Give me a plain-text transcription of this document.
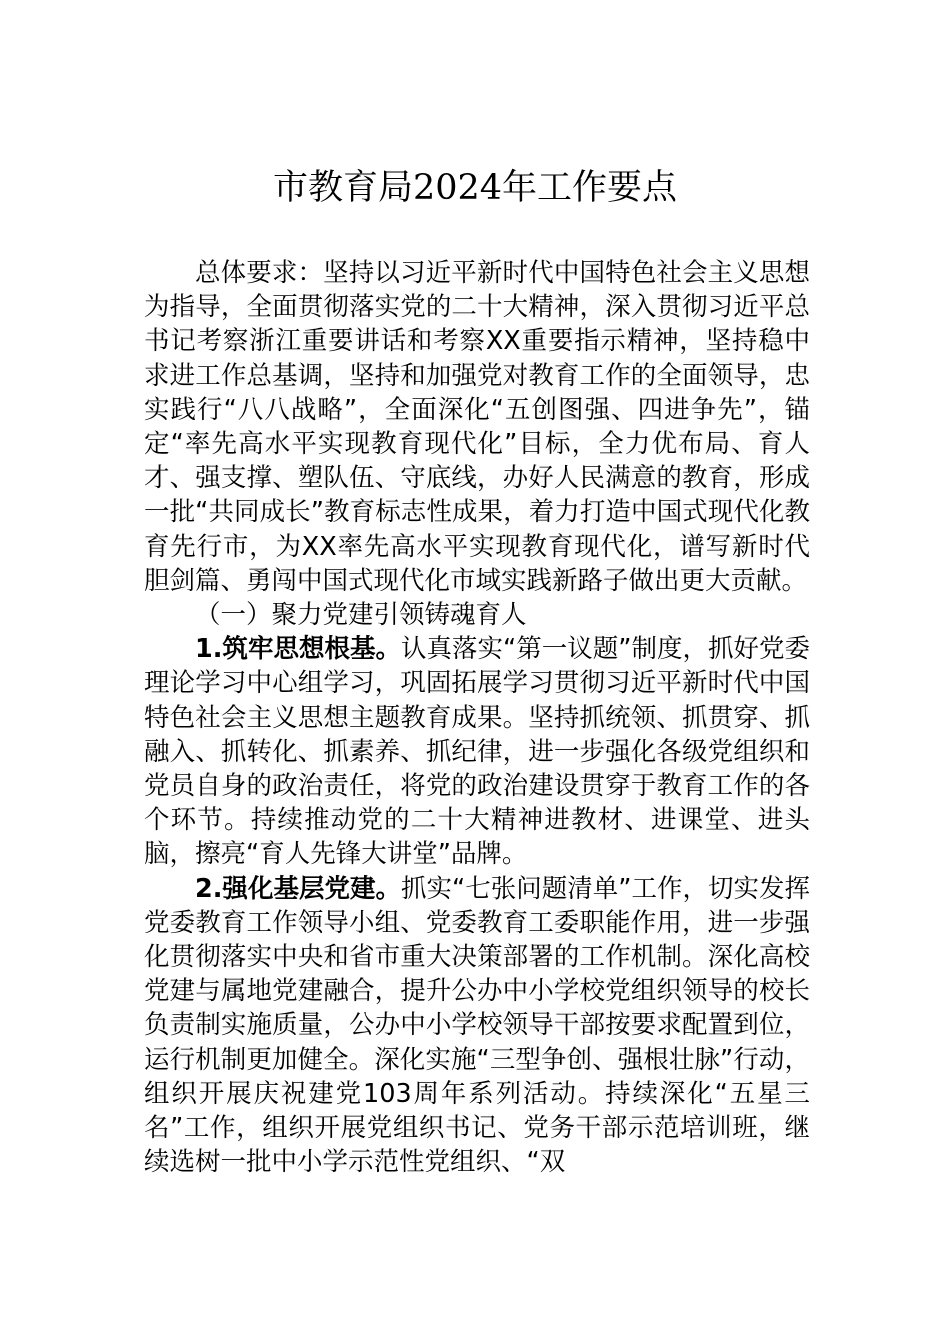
市教育局2024年工作要点

总体要求：坚持以习近平新时代中国特色社会主义思想为指导，全面贯彻落实党的二十大精神，深入贯彻习近平总书记考察浙江重要讲话和考察XX重要指示精神，坚持稳中求进工作总基调，坚持和加强党对教育工作的全面领导，忠实践行“八八战略”，全面深化“五创图强、四进争先”，锚定“率先高水平实现教育现代化”目标，全力优布局、育人才、强支撑、塑队伍、守底线，办好人民满意的教育，形成一批“共同成长”教育标志性成果，着力打造中国式现代化教育先行市，为XX率先高水平实现教育现代化，谱写新时代胆剑篇、勇闯中国式现代化市域实践新路子做出更大贡献。

（一）聚力党建引领铸魂育人

1.筑牢思想根基。认真落实“第一议题”制度，抓好党委理论学习中心组学习，巩固拓展学习贯彻习近平新时代中国特色社会主义思想主题教育成果。坚持抓统领、抓贯穿、抓融入、抓转化、抓素养、抓纪律，进一步强化各级党组织和党员自身的政治责任，将党的政治建设贯穿于教育工作的各个环节。持续推动党的二十大精神进教材、进课堂、进头脑，擦亮“育人先锋大讲堂”品牌。

2.强化基层党建。抓实“七张问题清单”工作，切实发挥党委教育工作领导小组、党委教育工委职能作用，进一步强化贯彻落实中央和省市重大决策部署的工作机制。深化高校党建与属地党建融合，提升公办中小学校党组织领导的校长负责制实施质量，公办中小学校领导干部按要求配置到位，运行机制更加健全。深化实施“三型争创、强根壮脉”行动，组织开展庆祝建党103周年系列活动。持续深化“五星三名”工作，组织开展党组织书记、党务干部示范培训班，继续选树一批中小学示范性党组织、“双
